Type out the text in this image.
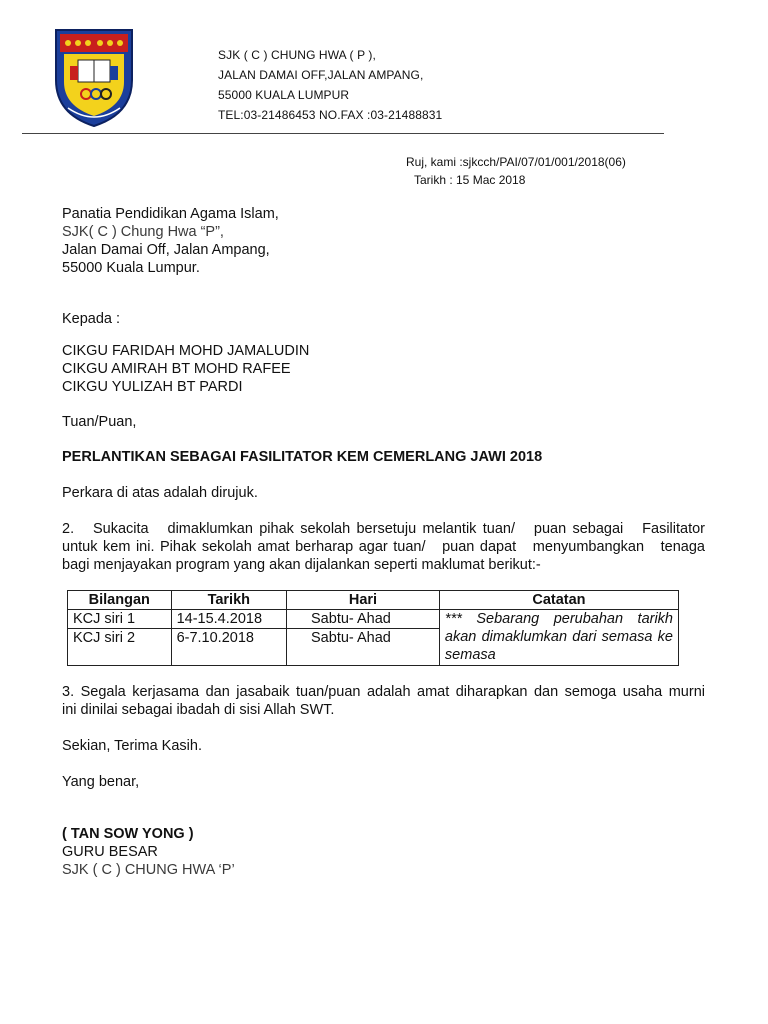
SJK ( C ) CHUNG HWA ( P ),
JALAN DAMAI OFF,JALAN AMPANG,
55000 KUALA LUMPUR
TEL:03-21486453 NO.FAX :03-21488831
Ruj, kami :sjkcch/PAI/07/01/001/2018(06)
Tarikh : 15 Mac 2018
Panatia Pendidikan Agama Islam,
SJK( C ) Chung Hwa “P”,
Jalan Damai Off, Jalan Ampang,
55000 Kuala Lumpur.
Kepada :
CIKGU FARIDAH MOHD JAMALUDIN
CIKGU AMIRAH BT MOHD RAFEE
CIKGU YULIZAH BT PARDI
Tuan/Puan,
PERLANTIKAN SEBAGAI FASILITATOR KEM CEMERLANG JAWI 2018
Perkara di atas adalah dirujuk.
2.   Sukacita   dimaklumkan pihak sekolah bersetuju melantik tuan/   puan sebagai   Fasilitator
untuk kem ini. Pihak sekolah amat berharap agar tuan/   puan dapat   menyumbangkan   tenaga
bagi menjayakan program yang akan dijalankan seperti maklumat berikut:-
Bilangan	Tarikh	Hari	Catatan
KCJ siri 1	14-15.4.2018	Sabtu- Ahad	*** Sebarang perubahan tarikh akan dimaklumkan dari semasa ke semasa
KCJ siri 2	6-7.10.2018	Sabtu- Ahad	
3. Segala kerjasama dan jasabaik tuan/puan adalah amat diharapkan dan semoga usaha murni
ini dinilai sebagai ibadah di sisi Allah SWT.
Sekian, Terima Kasih.
Yang benar,
( TAN SOW YONG )
GURU BESAR
SJK ( C ) CHUNG HWA ‘P’
